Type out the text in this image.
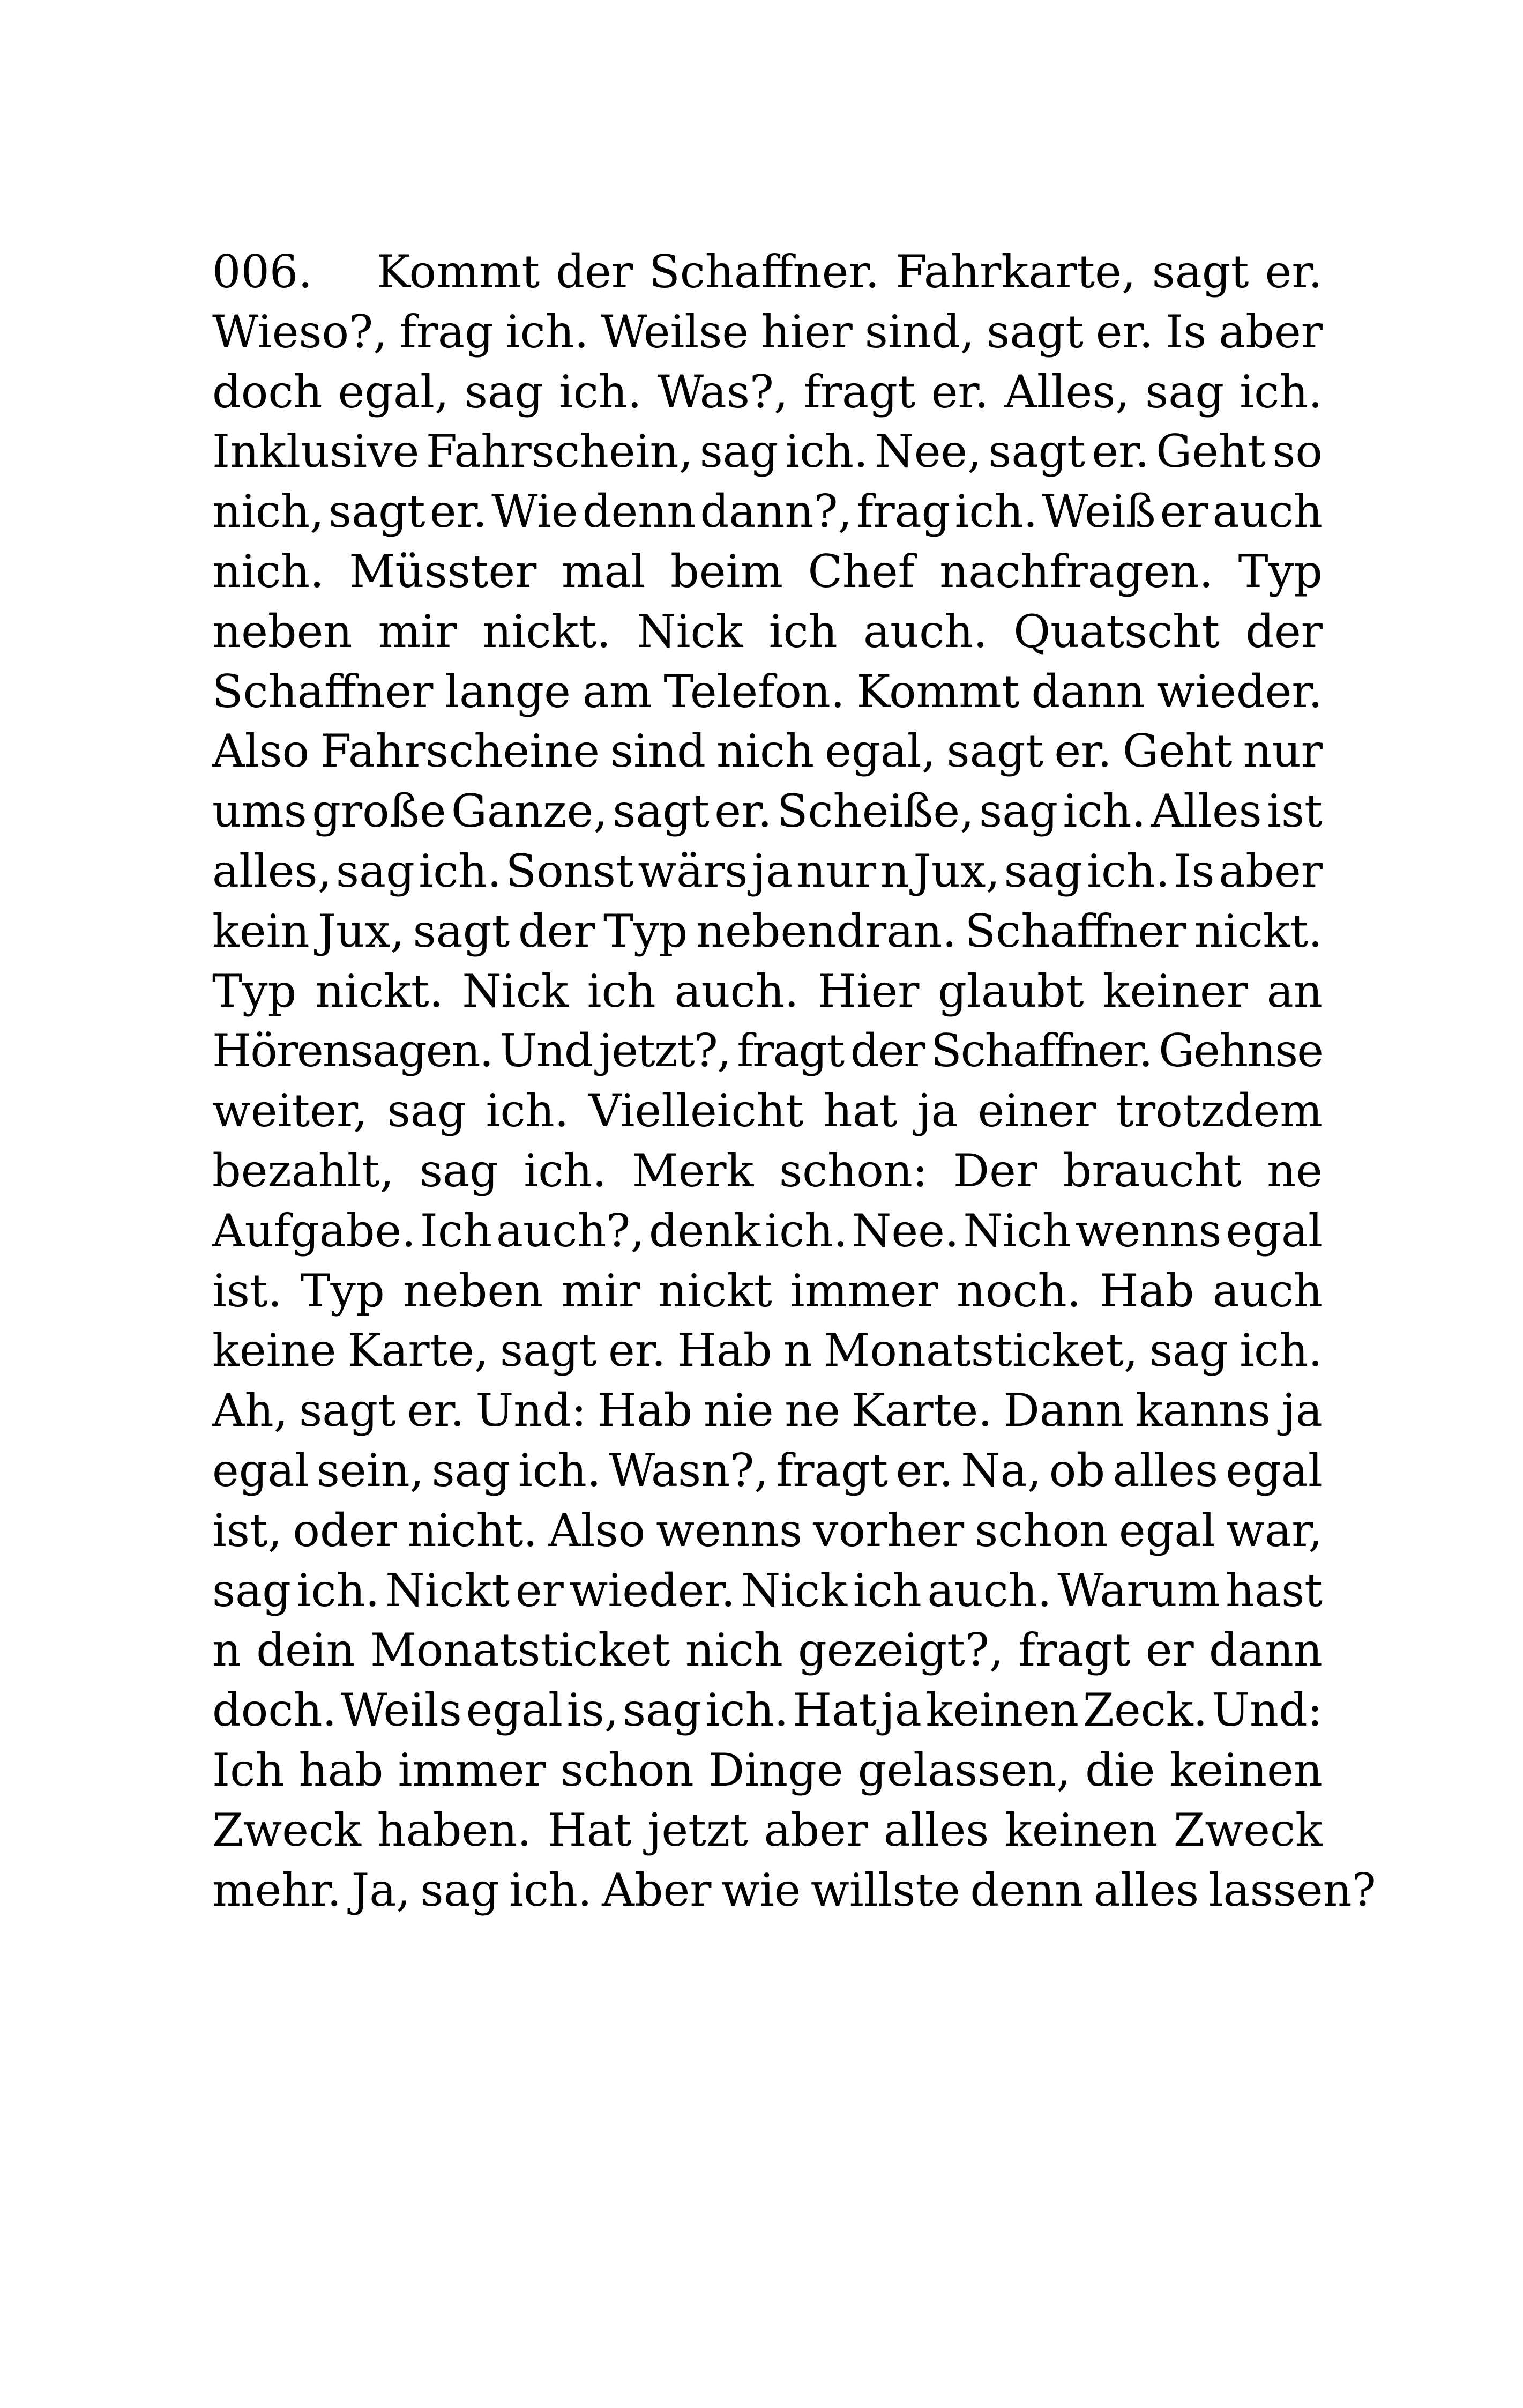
006. Kommt der Schaffner. Fahrkarte, sagt er.
Wieso?, frag ich. Weilse hier sind, sagt er. Is aber
doch egal, sag ich. Was?, fragt er. Alles, sag ich.
Inklusive Fahrschein, sag ich. Nee, sagt er. Geht so
nich, sagt er. Wie denn dann?, frag ich. Weiß er auch
nich. Müsster mal beim Chef nachfragen. Typ
neben mir nickt. Nick ich auch. Quatscht der
Schaffner lange am Telefon. Kommt dann wieder.
Also Fahrscheine sind nich egal, sagt er. Geht nur
ums große Ganze, sagt er. Scheiße, sag ich. Alles ist
alles, sag ich. Sonst wärs ja nur n Jux, sag ich. Is aber
kein Jux, sagt der Typ nebendran. Schaffner nickt.
Typ nickt. Nick ich auch. Hier glaubt keiner an
Hörensagen. Und jetzt?, fragt der Schaffner. Gehnse
weiter, sag ich. Vielleicht hat ja einer trotzdem
bezahlt, sag ich. Merk schon: Der braucht ne
Aufgabe. Ich auch?, denk ich. Nee. Nich wenns egal
ist. Typ neben mir nickt immer noch. Hab auch
keine Karte, sagt er. Hab n Monatsticket, sag ich.
Ah, sagt er. Und: Hab nie ne Karte. Dann kanns ja
egal sein, sag ich. Wasn?, fragt er. Na, ob alles egal
ist, oder nicht. Also wenns vorher schon egal war,
sag ich. Nickt er wieder. Nick ich auch. Warum hast
n dein Monatsticket nich gezeigt?, fragt er dann
doch. Weils egal is, sag ich. Hat ja keinen Zeck. Und:
Ich hab immer schon Dinge gelassen, die keinen
Zweck haben. Hat jetzt aber alles keinen Zweck
mehr. Ja, sag ich. Aber wie willste denn alles lassen?
